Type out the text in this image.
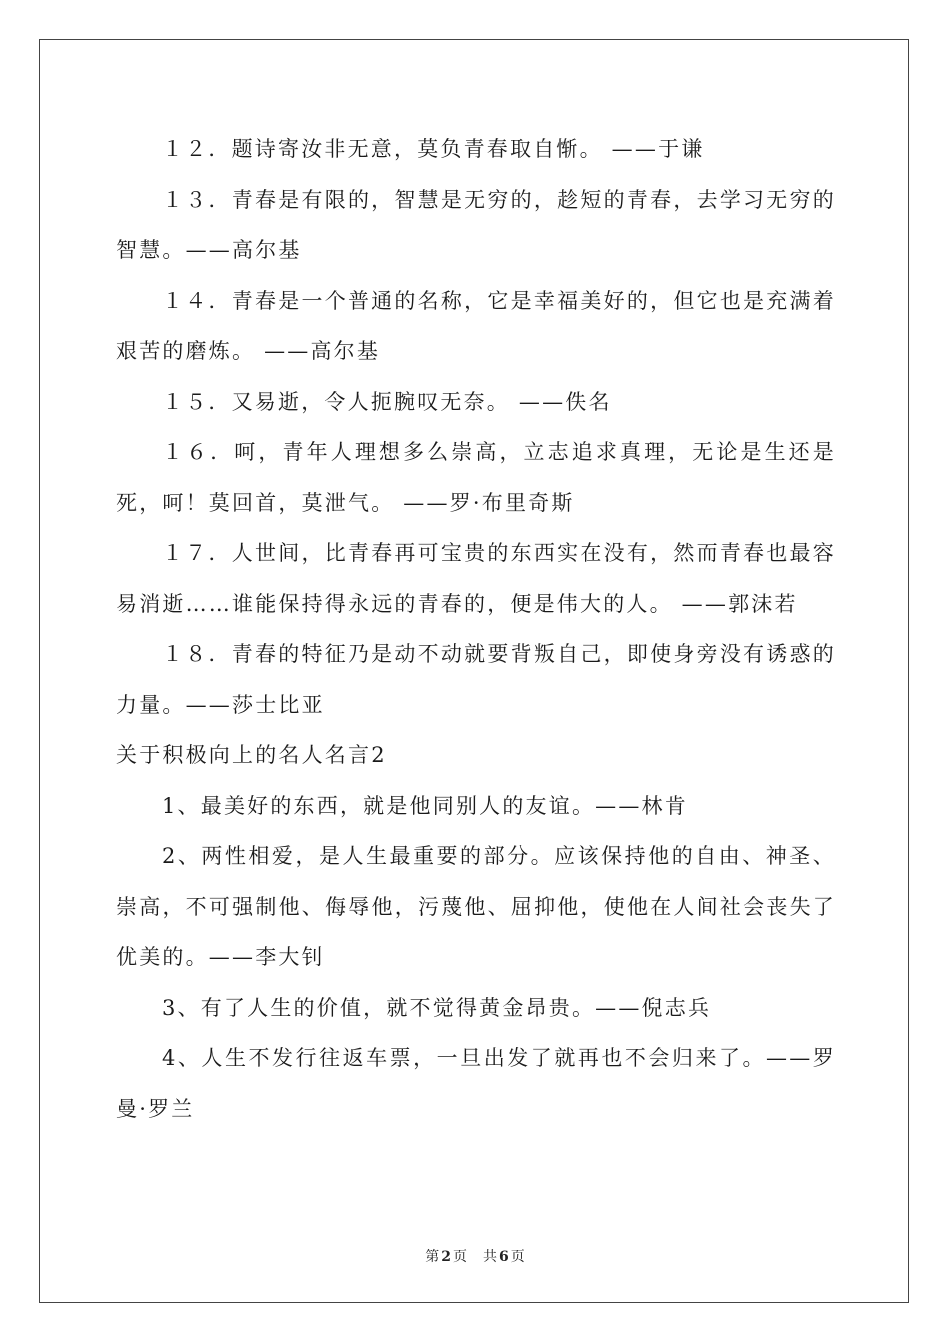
１２．题诗寄汝非无意，莫负青春取自惭。 ——于谦

１３．青春是有限的，智慧是无穷的，趁短的青春，去学习无穷的智慧。——高尔基

１４．青春是一个普通的名称，它是幸福美好的，但它也是充满着艰苦的磨炼。 ——高尔基

１５．又易逝，令人扼腕叹无奈。 ——佚名

１６．呵，青年人理想多么崇高，立志追求真理，无论是生还是死，呵！莫回首，莫泄气。 ——罗·布里奇斯

１７．人世间，比青春再可宝贵的东西实在没有，然而青春也最容易消逝……谁能保持得永远的青春的，便是伟大的人。 ——郭沫若

１８．青春的特征乃是动不动就要背叛自己，即使身旁没有诱惑的力量。——莎士比亚

关于积极向上的名人名言2

1、最美好的东西，就是他同别人的友谊。——林肯

2、两性相爱，是人生最重要的部分。应该保持他的自由、神圣、崇高，不可强制他、侮辱他，污蔑他、屈抑他，使他在人间社会丧失了优美的。——李大钊

3、有了人生的价值，就不觉得黄金昂贵。——倪志兵

4、人生不发行往返车票，一旦出发了就再也不会归来了。——罗曼·罗兰

第 2 页 共 6 页
